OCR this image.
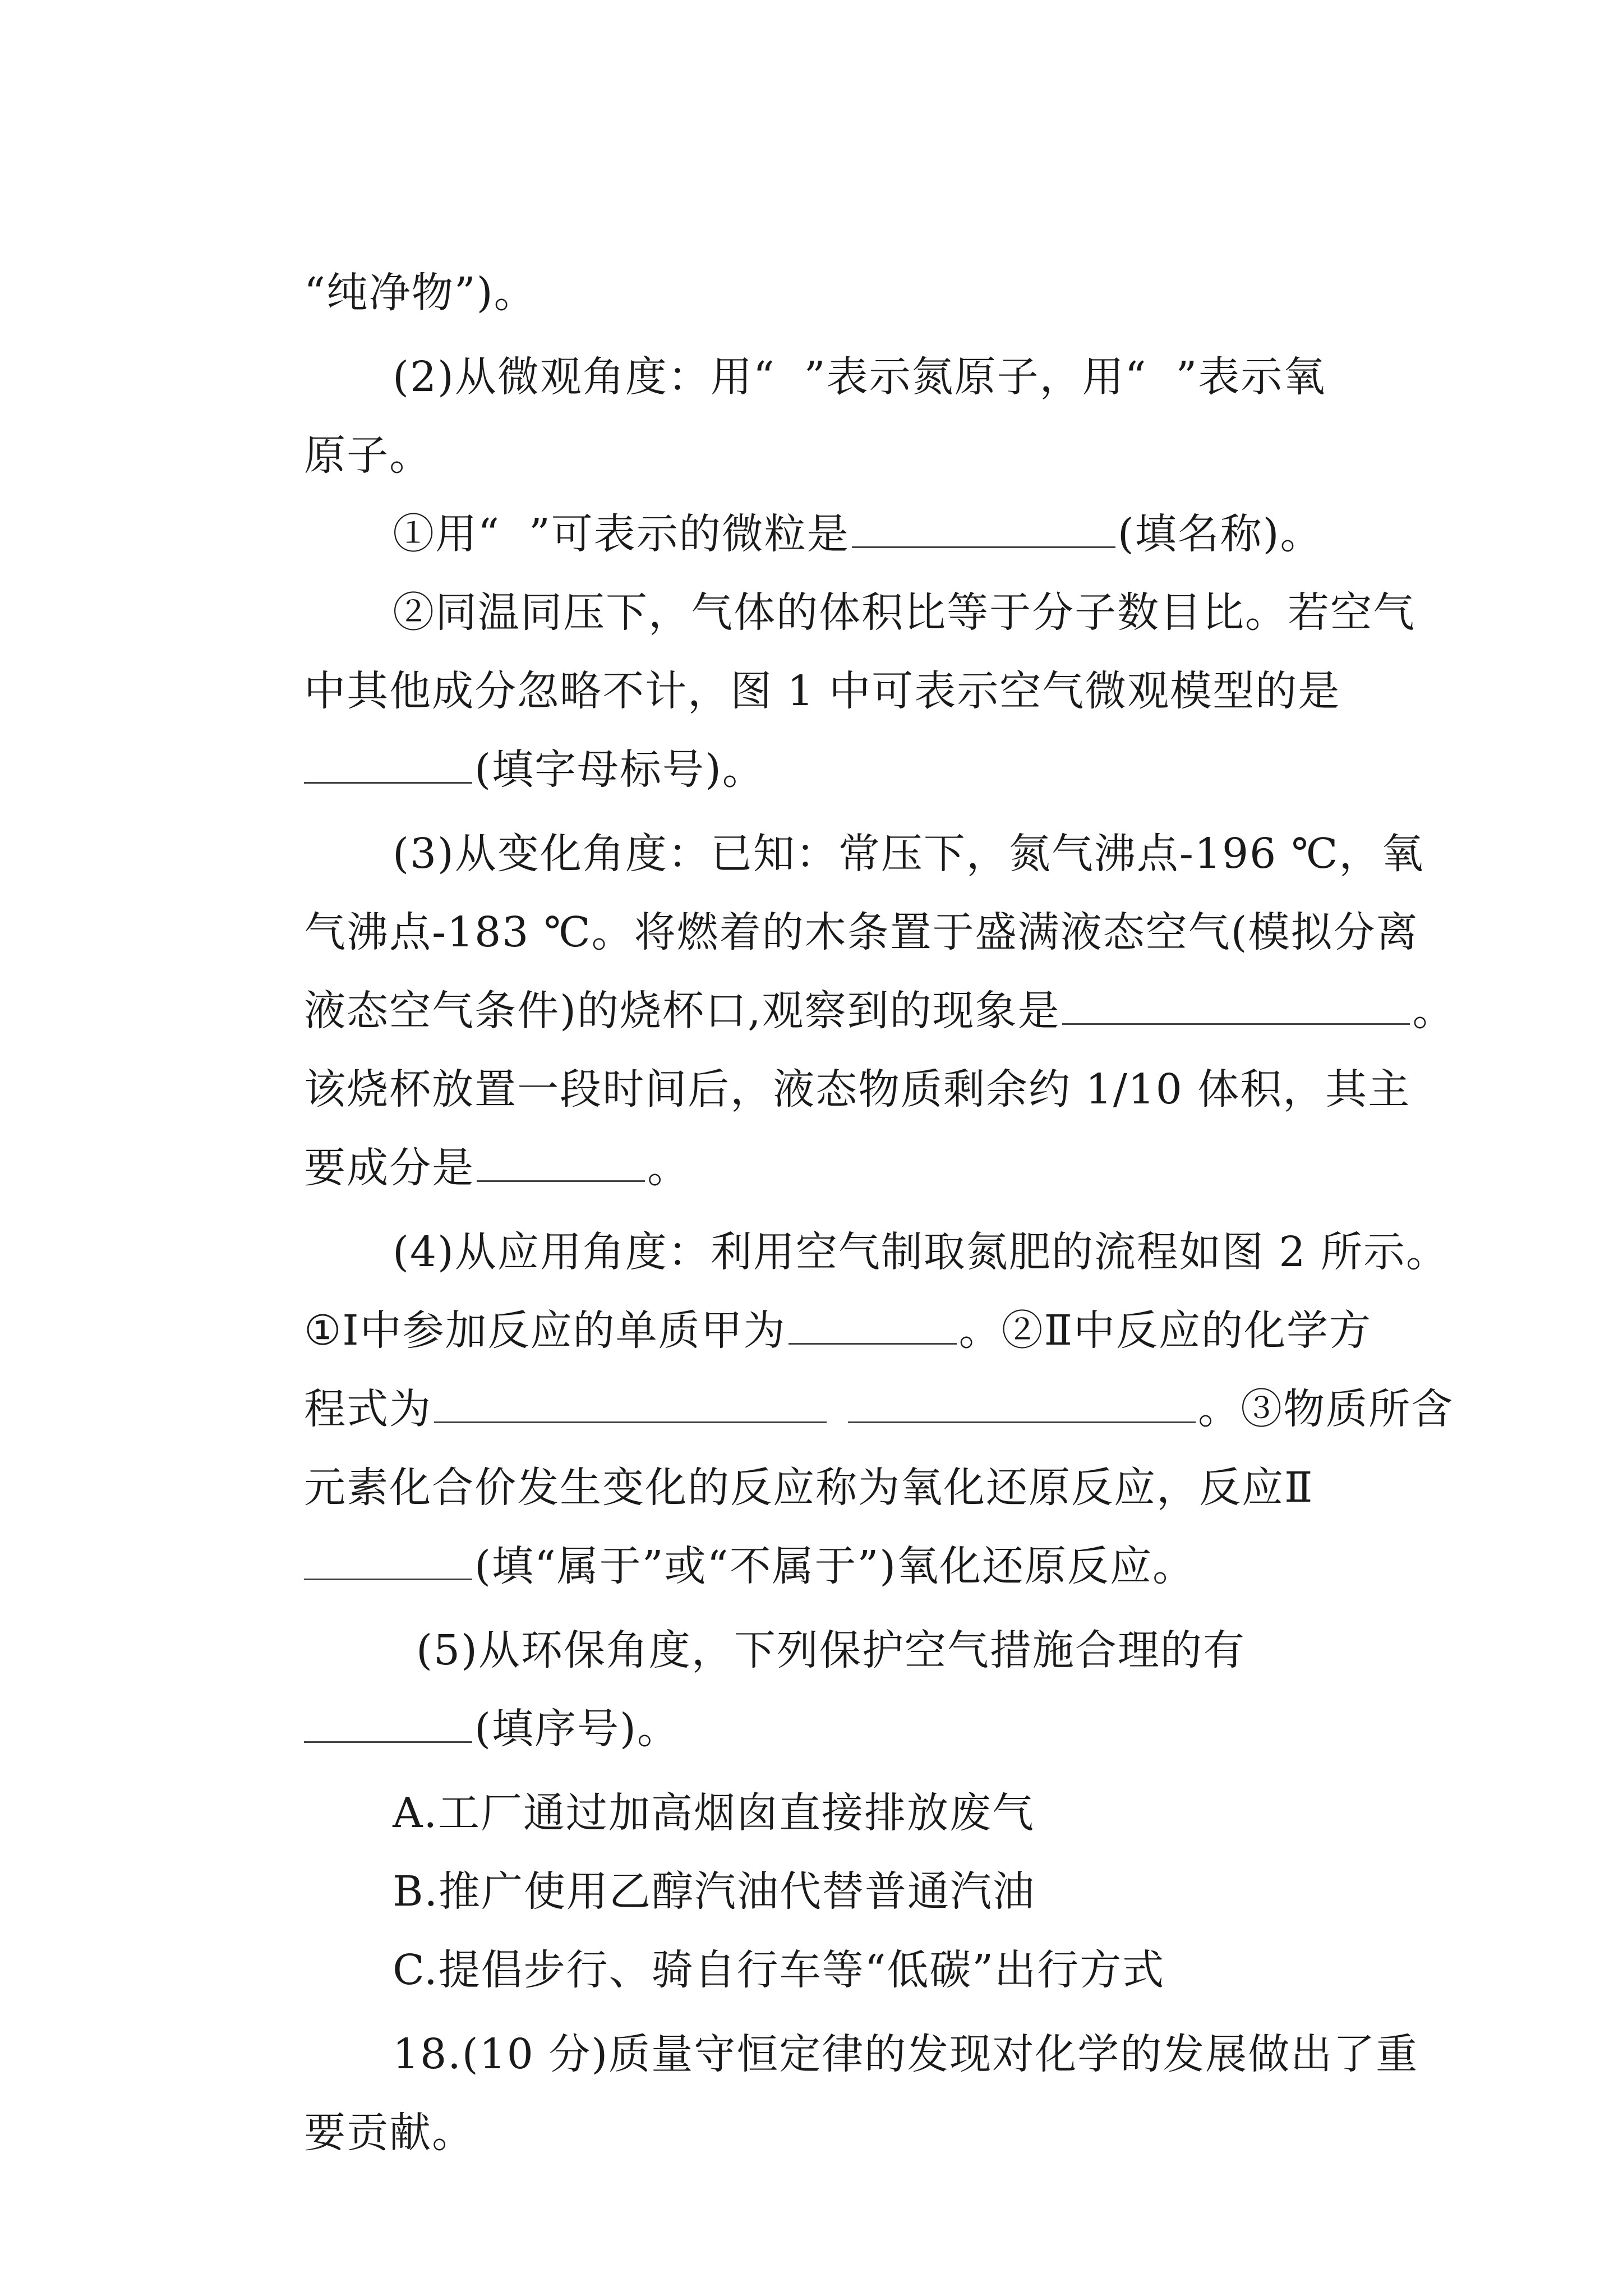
“纯净物”)。

(2)从微观角度：用“  ”表示氮原子，用“  ”表示氧

原子。

①用“  ”可表示的微粒是	(填名称)。

②同温同压下，气体的体积比等于分子数目比。若空气

中其他成分忽略不计，图 1 中可表示空气微观模型的是

(填字母标号)。

(3)从变化角度：已知：常压下，氮气沸点-196 ℃，氧

气沸点-183 ℃。将燃着的木条置于盛满液态空气(模拟分离

液态空气条件)的烧杯口,观察到的现象是	。

该烧杯放置一段时间后，液态物质剩余约 1/10 体积，其主

要成分是	。

(4)从应用角度：利用空气制取氮肥的流程如图 2 所示。

①Ⅰ中参加反应的单质甲为	。②Ⅱ中反应的化学方

程式为	。③物质所含

元素化合价发生变化的反应称为氧化还原反应，反应Ⅱ

(填“属于”或“不属于”)氧化还原反应。

(5)从环保角度，下列保护空气措施合理的有

(填序号)。

A.工厂通过加高烟囱直接排放废气

B.推广使用乙醇汽油代替普通汽油

C.提倡步行、骑自行车等“低碳”出行方式

18.(10 分)质量守恒定律的发现对化学的发展做出了重

要贡献。
